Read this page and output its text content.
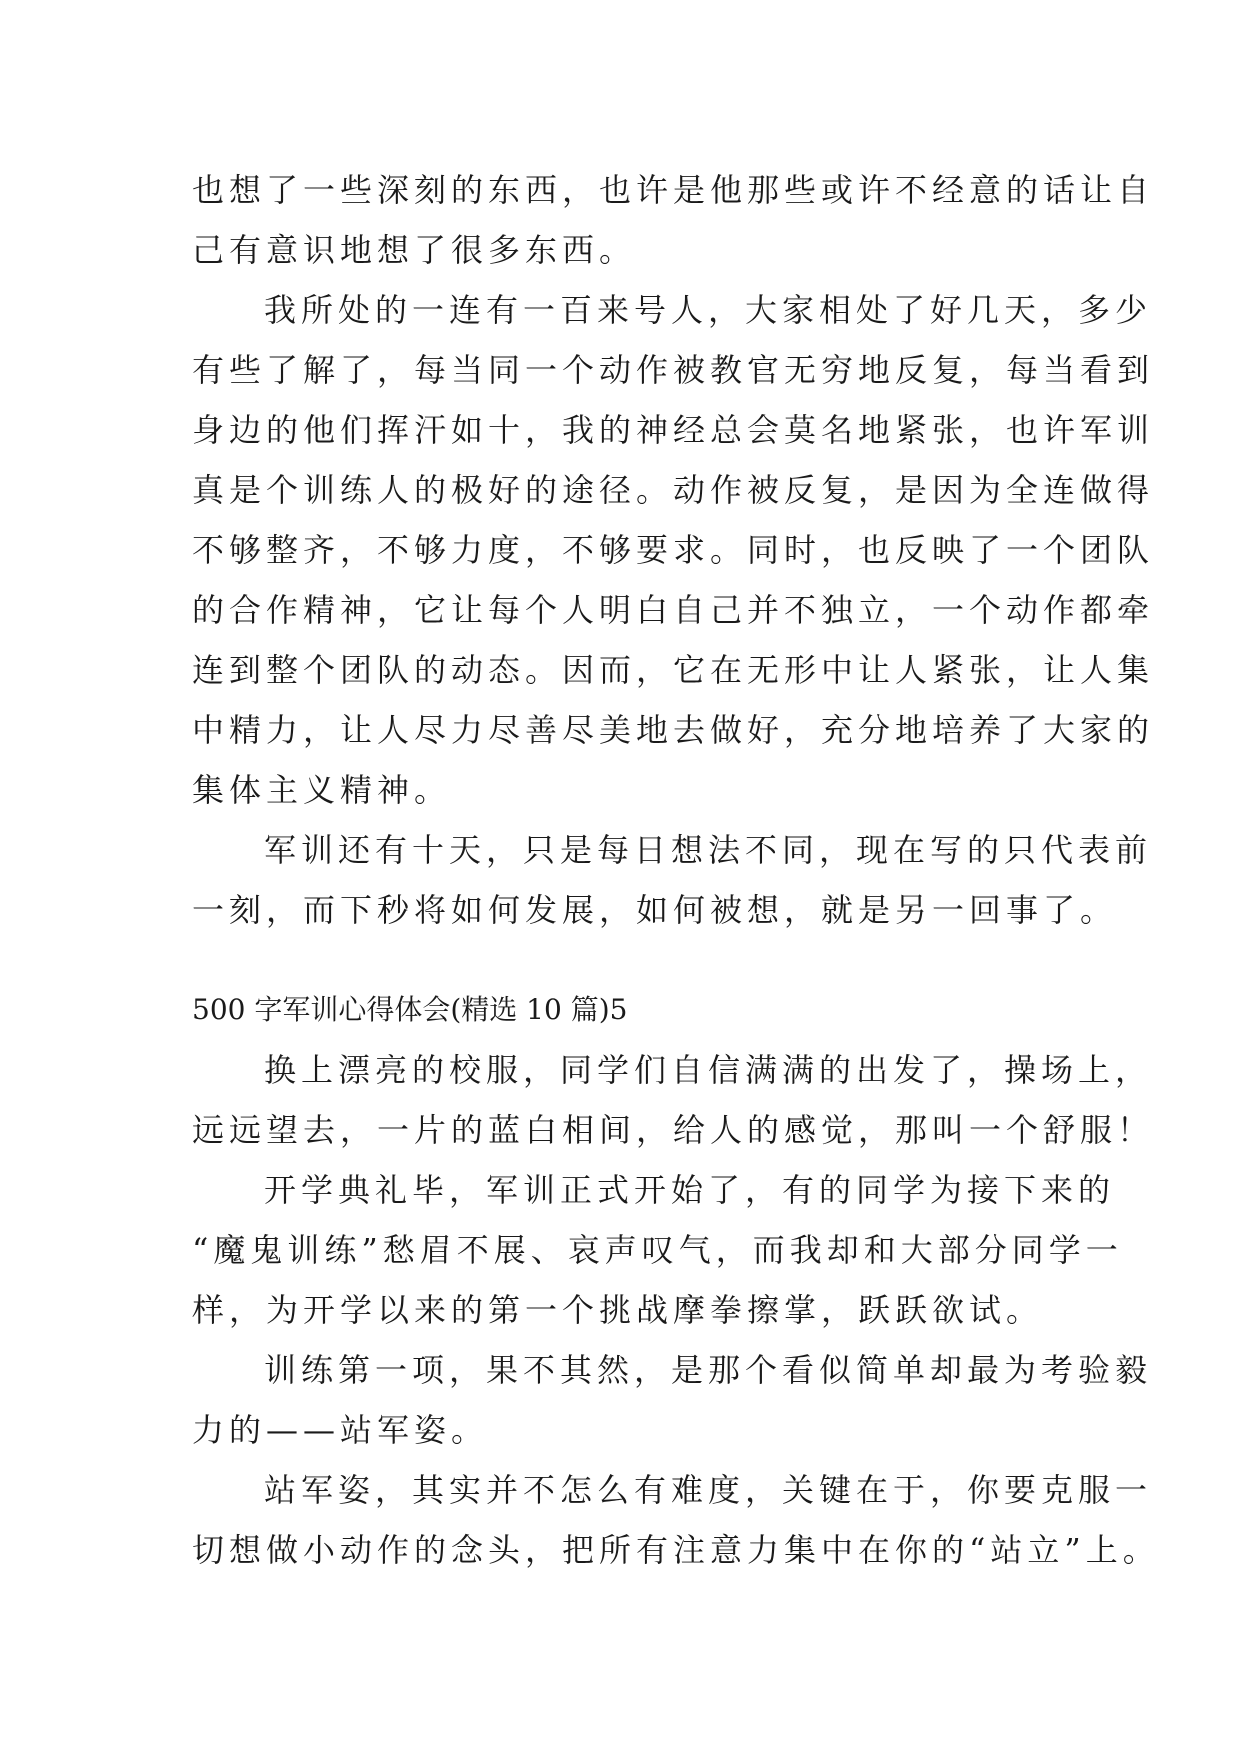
也想了一些深刻的东西，也许是他那些或许不经意的话让自
己有意识地想了很多东西。
我所处的一连有一百来号人，大家相处了好几天，多少
有些了解了，每当同一个动作被教官无穷地反复，每当看到
身边的他们挥汗如十，我的神经总会莫名地紧张，也许军训
真是个训练人的极好的途径。动作被反复，是因为全连做得
不够整齐，不够力度，不够要求。同时，也反映了一个团队
的合作精神，它让每个人明白自己并不独立，一个动作都牵
连到整个团队的动态。因而，它在无形中让人紧张，让人集
中精力，让人尽力尽善尽美地去做好，充分地培养了大家的
集体主义精神。
军训还有十天，只是每日想法不同，现在写的只代表前
一刻，而下秒将如何发展，如何被想，就是另一回事了。
500 字军训心得体会(精选 10 篇)5
换上漂亮的校服，同学们自信满满的出发了，操场上，
远远望去，一片的蓝白相间，给人的感觉，那叫一个舒服！
开学典礼毕，军训正式开始了，有的同学为接下来的
“魔鬼训练”愁眉不展、哀声叹气，而我却和大部分同学一
样，为开学以来的第一个挑战摩拳擦掌，跃跃欲试。
训练第一项，果不其然，是那个看似简单却最为考验毅
力的——站军姿。
站军姿，其实并不怎么有难度，关键在于，你要克服一
切想做小动作的念头，把所有注意力集中在你的“站立”上。
